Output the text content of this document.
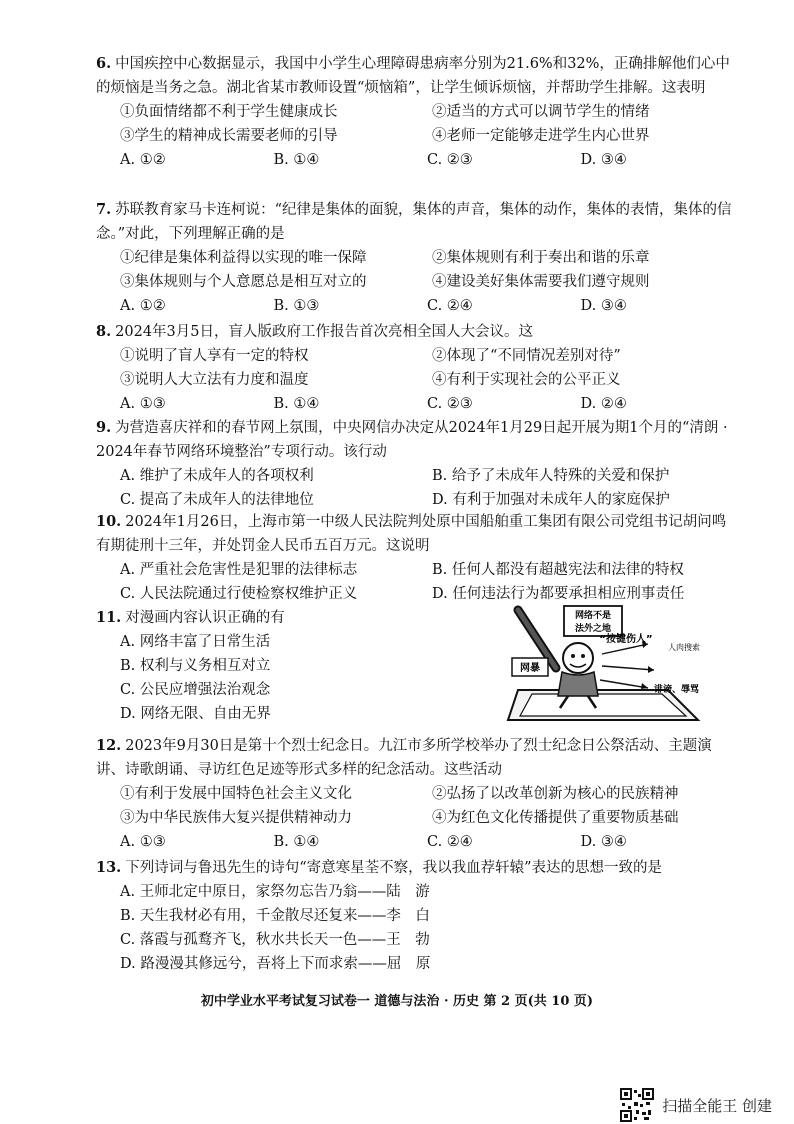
6. 中国疾控中心数据显示，我国中小学生心理障碍患病率分别为21.6%和32%，正确排解他们心中的烦恼是当务之急。湖北省某市教师设置“烦恼箱”，让学生倾诉烦恼，并帮助学生排解。这表明
①负面情绪都不利于学生健康成长	②适当的方式可以调节学生的情绪
③学生的精神成长需要老师的引导	④老师一定能够走进学生内心世界
A. ①②	B. ①④	C. ②③	D. ③④
7. 苏联教育家马卡连柯说：“纪律是集体的面貌，集体的声音，集体的动作，集体的表情，集体的信念。”对此，下列理解正确的是
①纪律是集体利益得以实现的唯一保障	②集体规则有利于奏出和谐的乐章
③集体规则与个人意愿总是相互对立的	④建设美好集体需要我们遵守规则
A. ①②	B. ①③	C. ②④	D. ③④
8. 2024年3月5日，盲人版政府工作报告首次亮相全国人大会议。这
①说明了盲人享有一定的特权	②体现了“不同情况差别对待”
③说明人大立法有力度和温度	④有利于实现社会的公平正义
A. ①③	B. ①④	C. ②③	D. ②④
9. 为营造喜庆祥和的春节网上氛围，中央网信办决定从2024年1月29日起开展为期1个月的“清朗 · 2024年春节网络环境整治”专项行动。该行动
A. 维护了未成年人的各项权利	B. 给予了未成年人特殊的关爱和保护
C. 提高了未成年人的法律地位	D. 有利于加强对未成年人的家庭保护
10. 2024年1月26日，上海市第一中级人民法院判处原中国船舶重工集团有限公司党组书记胡问鸣有期徒刑十三年，并处罚金人民币五百万元。这说明
A. 严重社会危害性是犯罪的法律标志	B. 任何人都没有超越宪法和法律的特权
C. 人民法院通过行使检察权维护正义	D. 任何违法行为都要承担相应刑事责任
11. 对漫画内容认识正确的有
A. 网络丰富了日常生活
B. 权利与义务相互对立
C. 公民应增强法治观念
D. 网络无限、自由无界
网络不是
法外之地
网暴
“按键伤人”
人肉搜索
诽谤、辱骂
12. 2023年9月30日是第十个烈士纪念日。九江市多所学校举办了烈士纪念日公祭活动、主题演讲、诗歌朗诵、寻访红色足迹等形式多样的纪念活动。这些活动
①有利于发展中国特色社会主义文化	②弘扬了以改革创新为核心的民族精神
③为中华民族伟大复兴提供精神动力	④为红色文化传播提供了重要物质基础
A. ①③	B. ①④	C. ②④	D. ③④
13. 下列诗词与鲁迅先生的诗句“寄意寒星荃不察，我以我血荐轩辕”表达的思想一致的是
A. 王师北定中原日，家祭勿忘告乃翁——陆　游
B. 天生我材必有用，千金散尽还复来——李　白
C. 落霞与孤鹜齐飞，秋水共长天一色——王　勃
D. 路漫漫其修远兮，吾将上下而求索——屈　原
初中学业水平考试复习试卷一 道德与法治 · 历史 第 2 页(共 10 页)
扫描全能王 创建
